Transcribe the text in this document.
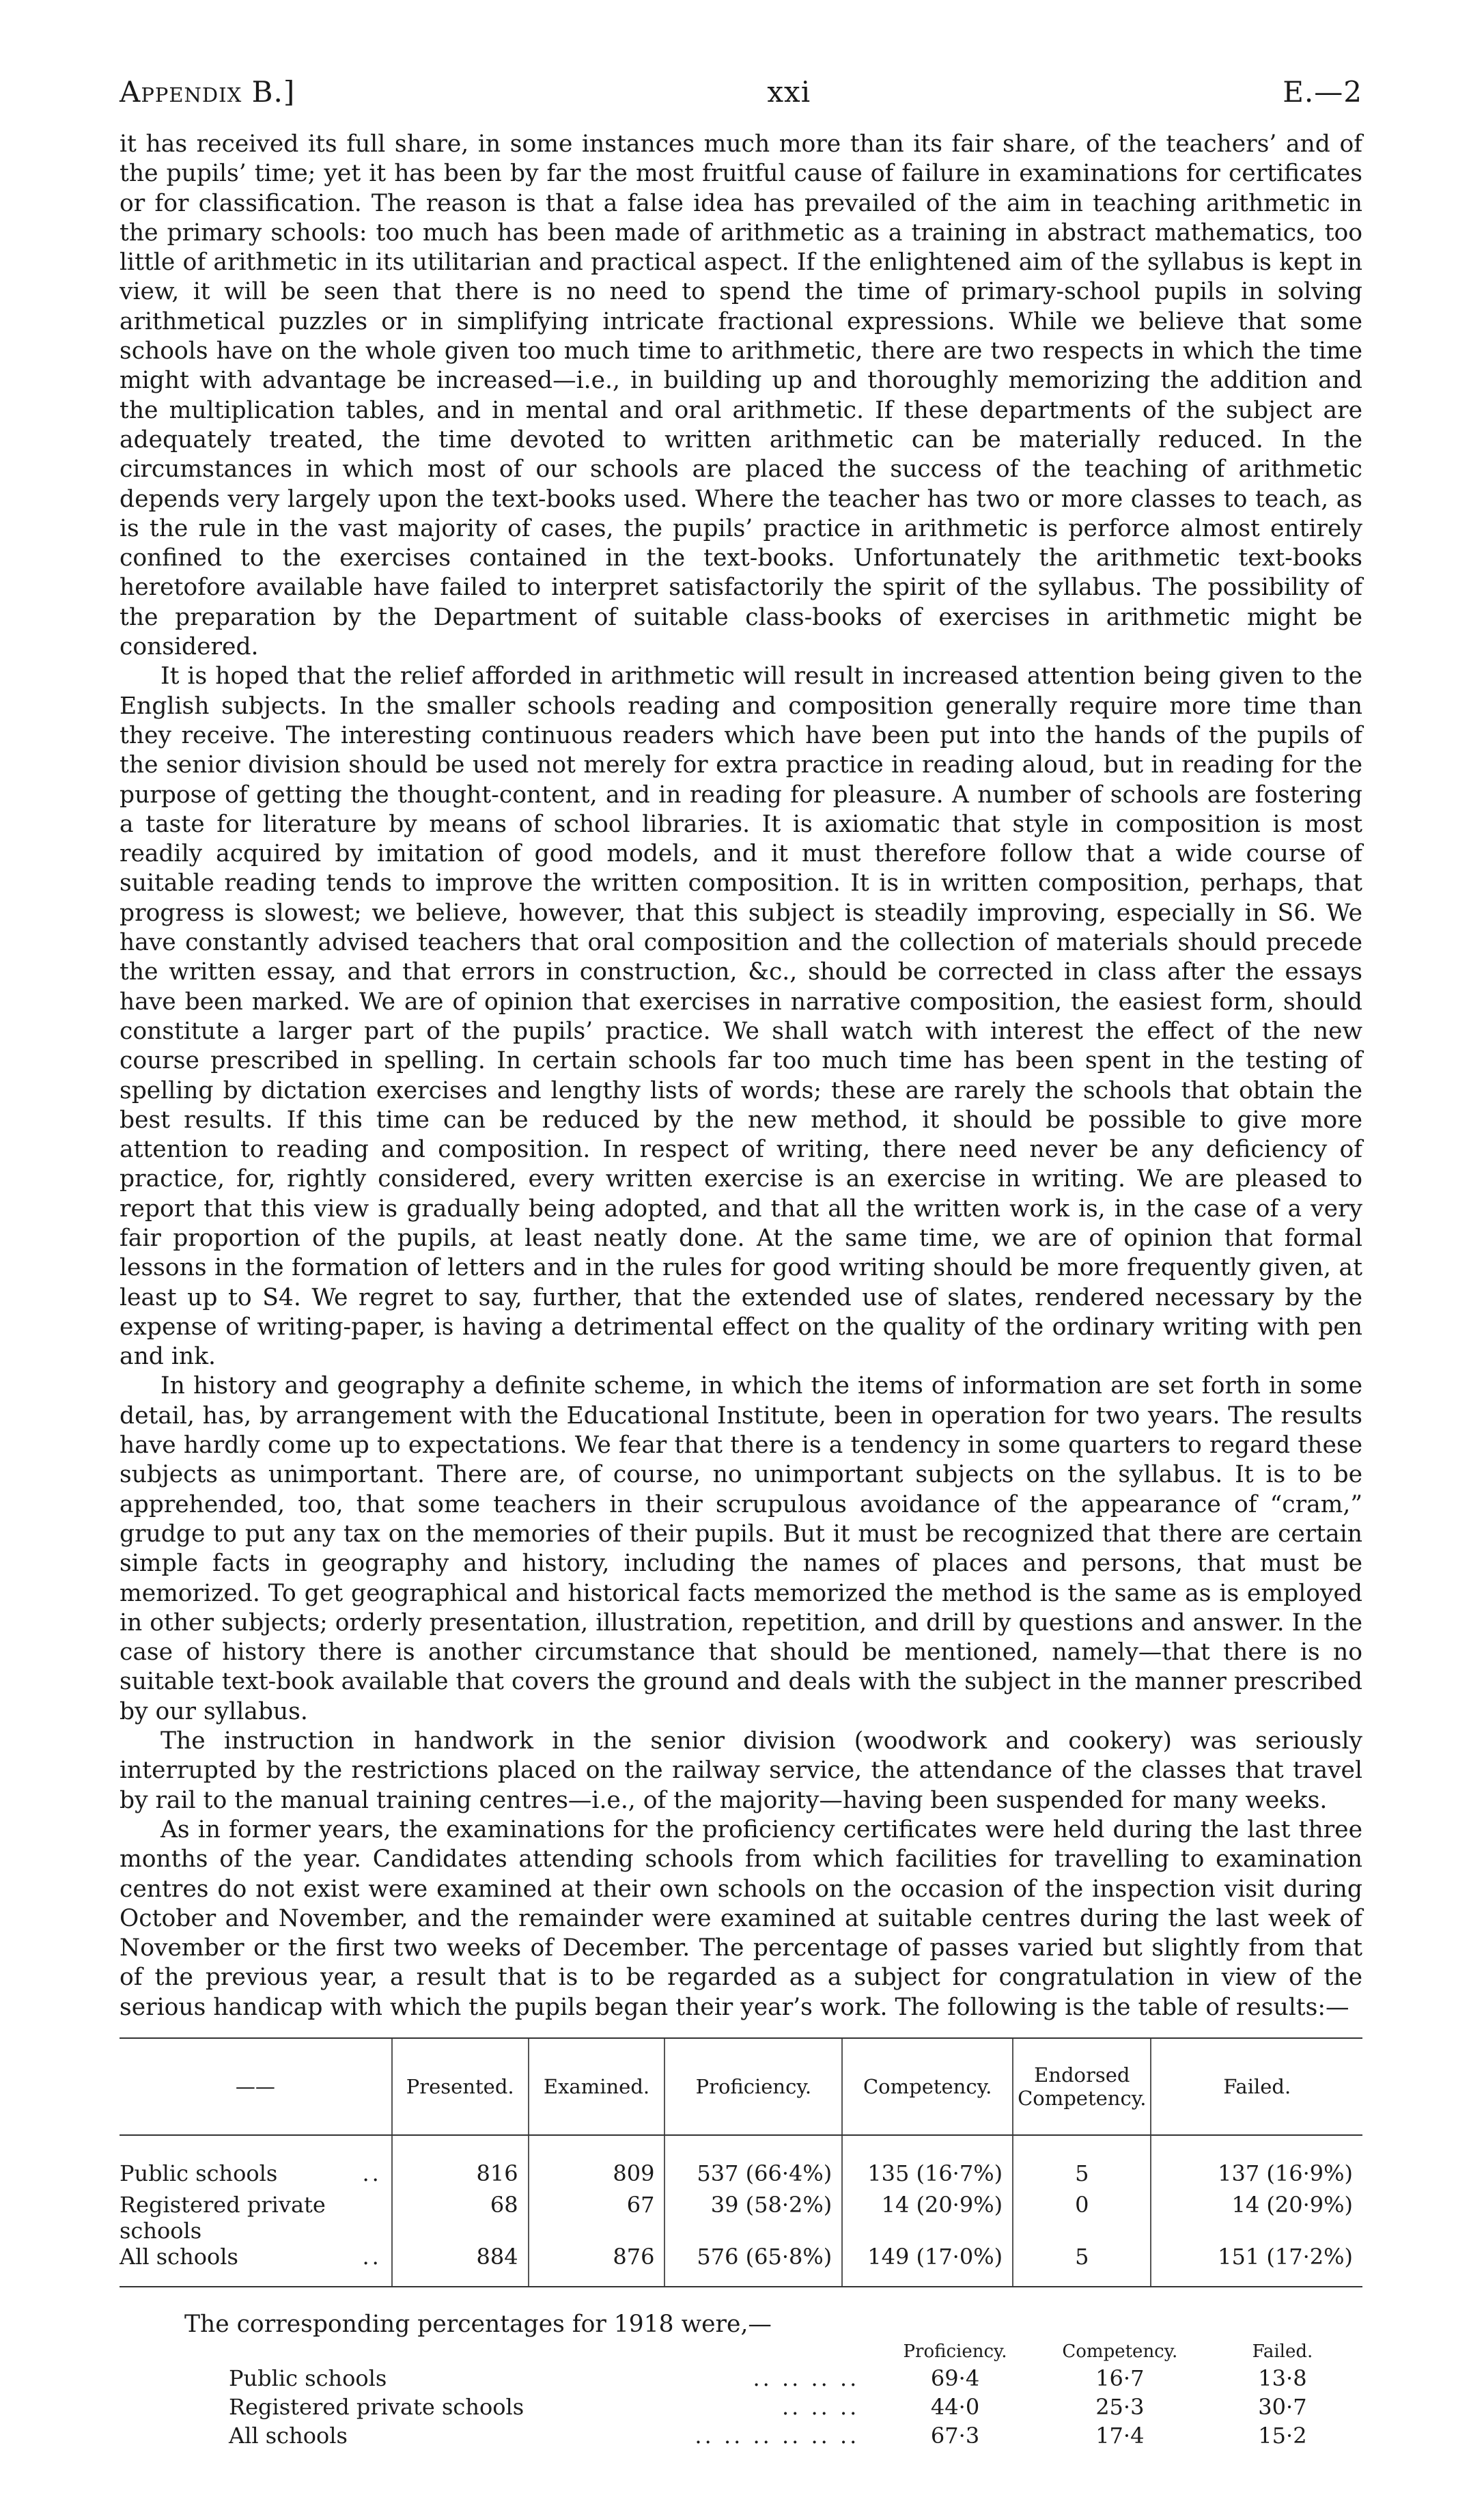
Appendix B.]	xxi	E.—2

it has received its full share, in some instances much more than its fair share, of the teachers’ and of the pupils’ time; yet it has been by far the most fruitful cause of failure in examinations for certificates or for classification. The reason is that a false idea has prevailed of the aim in teaching arithmetic in the primary schools: too much has been made of arithmetic as a training in abstract mathematics, too little of arithmetic in its utilitarian and practical aspect. If the enlightened aim of the syllabus is kept in view, it will be seen that there is no need to spend the time of primary-school pupils in solving arithmetical puzzles or in simplifying intricate fractional expressions. While we believe that some schools have on the whole given too much time to arithmetic, there are two respects in which the time might with advantage be increased—i.e., in building up and thoroughly memorizing the addition and the multiplication tables, and in mental and oral arithmetic. If these departments of the subject are adequately treated, the time devoted to written arithmetic can be materially reduced. In the circumstances in which most of our schools are placed the success of the teaching of arithmetic depends very largely upon the text-books used. Where the teacher has two or more classes to teach, as is the rule in the vast majority of cases, the pupils’ practice in arithmetic is perforce almost entirely confined to the exercises contained in the text-books. Unfortunately the arithmetic text-books heretofore available have failed to interpret satisfactorily the spirit of the syllabus. The possibility of the preparation by the Department of suitable class-books of exercises in arithmetic might be considered.

It is hoped that the relief afforded in arithmetic will result in increased attention being given to the English subjects. In the smaller schools reading and composition generally require more time than they receive. The interesting continuous readers which have been put into the hands of the pupils of the senior division should be used not merely for extra practice in reading aloud, but in reading for the purpose of getting the thought-content, and in reading for pleasure. A number of schools are fostering a taste for literature by means of school libraries. It is axiomatic that style in composition is most readily acquired by imitation of good models, and it must therefore follow that a wide course of suitable reading tends to improve the written composition. It is in written composition, perhaps, that progress is slowest; we believe, however, that this subject is steadily improving, especially in S6. We have constantly advised teachers that oral composition and the collection of materials should precede the written essay, and that errors in construction, &c., should be corrected in class after the essays have been marked. We are of opinion that exercises in narrative composition, the easiest form, should constitute a larger part of the pupils’ practice. We shall watch with interest the effect of the new course prescribed in spelling. In certain schools far too much time has been spent in the testing of spelling by dictation exercises and lengthy lists of words; these are rarely the schools that obtain the best results. If this time can be reduced by the new method, it should be possible to give more attention to reading and composition. In respect of writing, there need never be any deficiency of practice, for, rightly considered, every written exercise is an exercise in writing. We are pleased to report that this view is gradually being adopted, and that all the written work is, in the case of a very fair proportion of the pupils, at least neatly done. At the same time, we are of opinion that formal lessons in the formation of letters and in the rules for good writing should be more frequently given, at least up to S4. We regret to say, further, that the extended use of slates, rendered necessary by the expense of writing-paper, is having a detrimental effect on the quality of the ordinary writing with pen and ink.

In history and geography a definite scheme, in which the items of information are set forth in some detail, has, by arrangement with the Educational Institute, been in operation for two years. The results have hardly come up to expectations. We fear that there is a tendency in some quarters to regard these subjects as unimportant. There are, of course, no unimportant subjects on the syllabus. It is to be apprehended, too, that some teachers in their scrupulous avoidance of the appearance of “cram,” grudge to put any tax on the memories of their pupils. But it must be recognized that there are certain simple facts in geography and history, including the names of places and persons, that must be memorized. To get geographical and historical facts memorized the method is the same as is employed in other subjects; orderly presentation, illustration, repetition, and drill by questions and answer. In the case of history there is another circumstance that should be mentioned, namely—that there is no suitable text-book available that covers the ground and deals with the subject in the manner prescribed by our syllabus.

The instruction in handwork in the senior division (woodwork and cookery) was seriously interrupted by the restrictions placed on the railway service, the attendance of the classes that travel by rail to the manual training centres—i.e., of the majority—having been suspended for many weeks.

As in former years, the examinations for the proficiency certificates were held during the last three months of the year. Candidates attending schools from which facilities for travelling to examination centres do not exist were examined at their own schools on the occasion of the inspection visit during October and November, and the remainder were examined at suitable centres during the last week of November or the first two weeks of December. The percentage of passes varied but slightly from that of the previous year, a result that is to be regarded as a subject for congratulation in view of the serious handicap with which the pupils began their year’s work. The following is the table of results:—

——	Presented.	Examined.	Proficiency.	Competency.	Endorsed Competency.	Failed.

Public schools ..	816	809	537 (66·4%)	135 (16·7%)	5	137 (16·9%)
Registered private schools	68	67	39 (58·2%)	14 (20·9%)	0	14 (20·9%)
All schools ..	884	876	576 (65·8%)	149 (17·0%)	5	151 (17·2%)
The corresponding percentages for 1918 were,—
	Proficiency.	Competency.	Failed.
Public schools .. .. .. ..	69·4	16·7	13·8
Registered private schools .. .. ..	44·0	25·3	30·7
All schools .. .. .. .. .. ..	67·3	17·4	15·2
